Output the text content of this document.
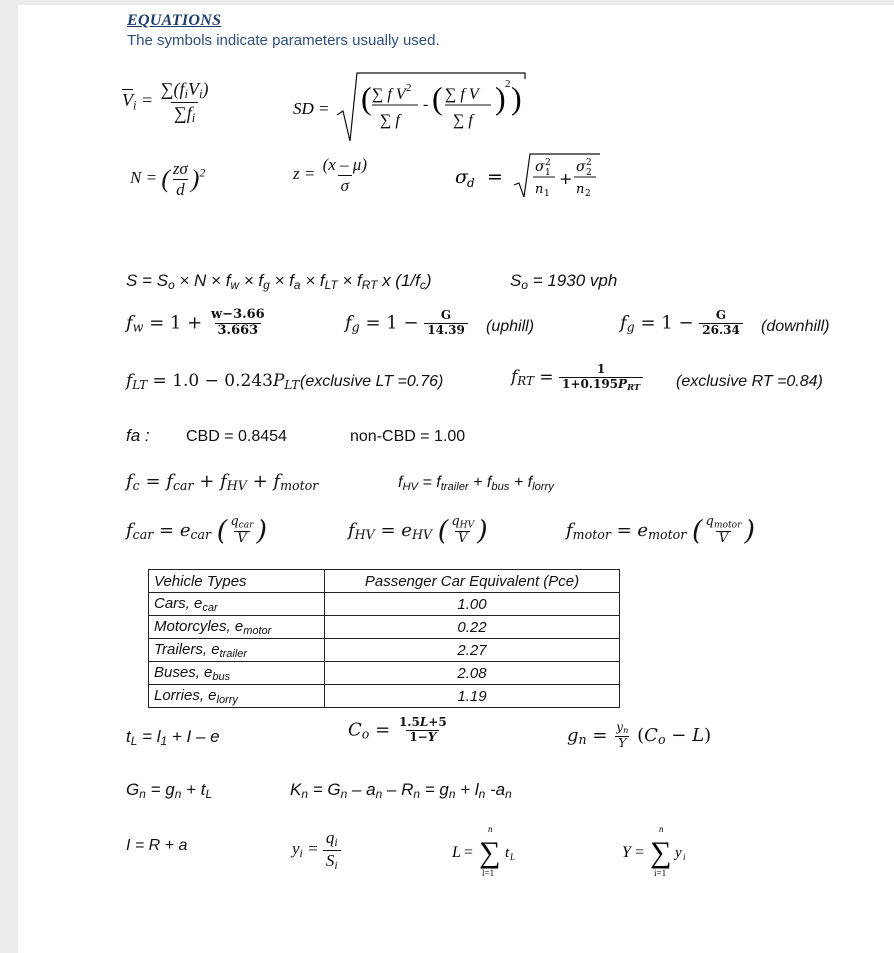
EQUATIONS
The symbols indicate parameters usually used.
$\overline{V}_i = \frac{\sum(f_iV_i)}{\sum f_i}$	SD = ( ∑ f V 2
∑ f
- ( ∑ f V
∑ f
) 2 )
N = ( $\frac{z\sigma}{d} )^2$	$z = \frac{(x - \mu)}{\sigma}$	σ d = σ 2
1
n 1
+
σ 2
2
n 2
$S = S_o \times N \times f_w \times f_g \times f_a \times f_{LT} \times f_{RT}$ x $(1/f_c)$	$S_o = 1930$ vph
$f_w = 1 + \frac{w-3.66}{3.663}$	$f_g = 1 - \frac{G}{14.39}$ (uphill)	$f_g = 1 - \frac{G}{26.34}$ (downhill)
$f_{LT} = 1.0 - 0.243P_{LT}$ (exclusive LT =0.76)	$f_{RT} = \frac{1}{1+0.195P_{RT}}$ (exclusive RT =0.84)
fa : CBD = 0.8454	non-CBD = 1.00
$f_c = f_{car} + f_{HV} + f_{motor}$	$f_{HV} = f_{trailer} + f_{bus} + f_{lorry}$
$f_{car} = e_{car}$ ( $\frac{q_{car}}{V}$ )	$f_{HV} = e_{HV}$ ( $\frac{q_{HV}}{V}$ )	$f_{motor} = e_{motor}$ ( $\frac{q_{motor}}{V}$ )
Vehicle Types	Passenger Car Equivalent (Pce)
Cars, $e_{car}$	1.00
Motorcyles, $e_{motor}$	0.22
Trailers, $e_{trailer}$	2.27
Buses, $e_{bus}$	2.08
Lorries, $e_{lorry}$	1.19
$t_L = l_1 + I - e$	$C_o = \frac{1.5L+5}{1-Y}$	$g_n = \frac{y_n}{Y} (C_o - L)$
$G_n = g_n + t_L$	$K_n = G_n - a_n - R_n = g_n + l_n$ $-a_n$
I = R + a	$y_i = \frac{q_i}{S_i}$	L = ∑
n
l=1
t L	Y = ∑
n
i=1
y i
